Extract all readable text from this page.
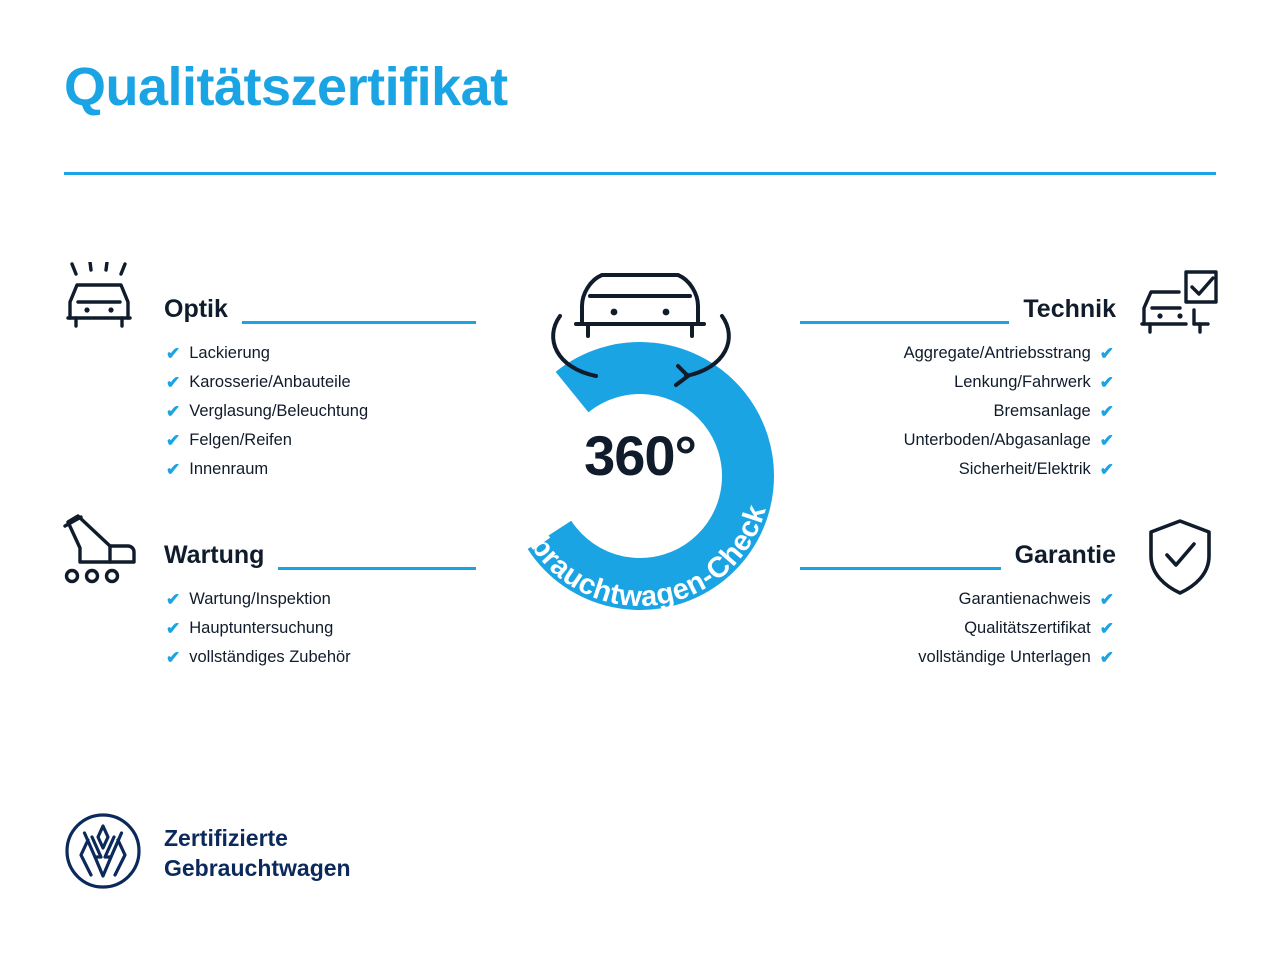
Qualitätszertifikat
Gebrauchtwagen-Check
360°
Optik
✔ Lackierung
✔ Karosserie/Anbauteile
✔ Verglasung/Beleuchtung
✔ Felgen/Reifen
✔ Innenraum
Wartung
✔ Wartung/Inspektion
✔ Hauptuntersuchung
✔ vollständiges Zubehör
Technik
Aggregate/Antriebsstrang ✔
Lenkung/Fahrwerk ✔
Bremsanlage ✔
Unterboden/Abgasanlage ✔
Sicherheit/Elektrik ✔
Garantie
Garantienachweis ✔
Qualitätszertifikat ✔
vollständige Unterlagen ✔
Zertifizierte
Gebrauchtwagen
